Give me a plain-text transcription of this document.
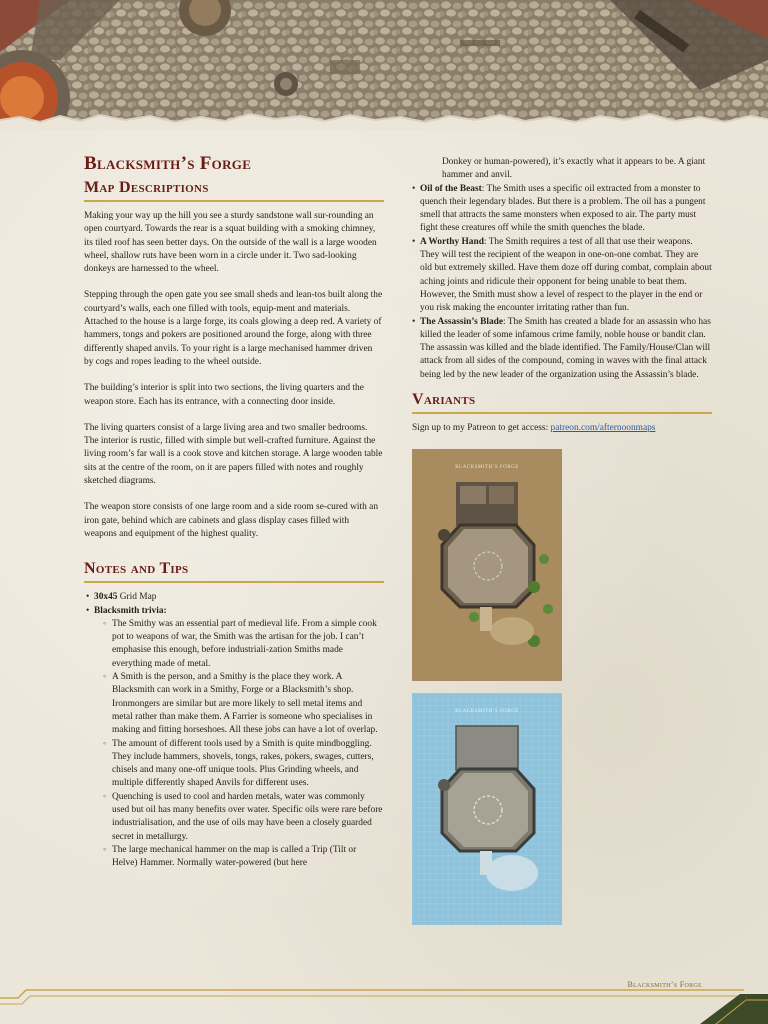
Blacksmith’s Forge
Map Descriptions

Making your way up the hill you see a sturdy sandstone wall sur-rounding an open courtyard. Towards the rear is a squat building with a smoking chimney, its tiled roof has seen better days. On the outside of the wall is a large wooden wheel, shallow ruts have been worn in a circle under it. Two sad-looking donkeys are harnessed to the wheel.

Stepping through the open gate you see small sheds and lean-tos built along the courtyard’s walls, each one filled with tools, equip-ment and materials. Attached to the house is a large forge, its coals glowing a deep red. A variety of hammers, tongs and pokers are positioned around the forge, along with three differently shaped anvils. To your right is a large mechanised hammer driven by cogs and ropes leading to the wheel outside.

The building’s interior is split into two sections, the living quarters and the weapon store. Each has its entrance, with a connecting door inside.

The living quarters consist of a large living area and two smaller bedrooms. The interior is rustic, filled with simple but well-crafted furniture. Against the living room’s far wall is a cook stove and kitchen storage. A large wooden table sits at the centre of the room, on it are papers filled with notes and roughly sketched diagrams.

The weapon store consists of one large room and a side room se-cured with an iron gate, behind which are cabinets and glass display cases filled with weapons and equipment of the highest quality.

Notes and Tips
• 30x45 Grid Map
• Blacksmith trivia:
◦ The Smithy was an essential part of medieval life. From a simple cook pot to weapons of war, the Smith was the artisan for the job. I can’t emphasise this enough, before industriali-zation Smiths made everything made of metal.
◦ A Smith is the person, and a Smithy is the place they work. A Blacksmith can work in a Smithy, Forge or a Blacksmith’s shop. Ironmongers are similar but are more likely to sell metal items and metal rather than make them. A Farrier is someone who specialises in making and fitting horseshoes. All these jobs can have a lot of overlap.
◦ The amount of different tools used by a Smith is quite mindboggling. They include hammers, shovels, tongs, rakes, pokers, swages, cutters, chisels and many one-off unique tools. Plus Grinding wheels, and multiple differently shaped Anvils for different uses.
◦ Quenching is used to cool and harden metals, water was commonly used but oil has many benefits over water. Specific oils were rare before industrialisation, and the use of oils may have been a closely guarded secret in metallurgy.
◦ The large mechanical hammer on the map is called a Trip (Tilt or Helve) Hammer. Normally water-powered (but here
Donkey or human-powered), it’s exactly what it appears to be. A giant hammer and anvil.
• Oil of the Beast: The Smith uses a specific oil extracted from a monster to quench their legendary blades. But there is a problem. The oil has a pungent smell that attracts the same monsters when exposed to air. The party must fight these creatures off while the smith quenches the blade.
• A Worthy Hand: The Smith requires a test of all that use their weapons. They will test the recipient of the weapon in one-on-one combat. They are old but extremely skilled. Have them doze off during combat, complain about aching joints and ridicule their opponent for being unable to beat them. However, the Smith must show a level of respect to the player in the end or you risk making the encounter irritating rather than fun.
• The Assassin’s Blade: The Smith has created a blade for an assassin who has killed the leader of some infamous crime family, noble house or bandit clan. The assassin was killed and the blade identified. The Family/House/Clan will attack from all sides of the compound, coming in waves with the final attack being led by the new leader of the organization using the Assassin’s blade.
Variants
Sign up to my Patreon to get access: patreon.com/afternoonmaps
BLACKSMITH’S FORGE
BLACKSMITH’S FORGE
Blacksmith’s Forge
1
